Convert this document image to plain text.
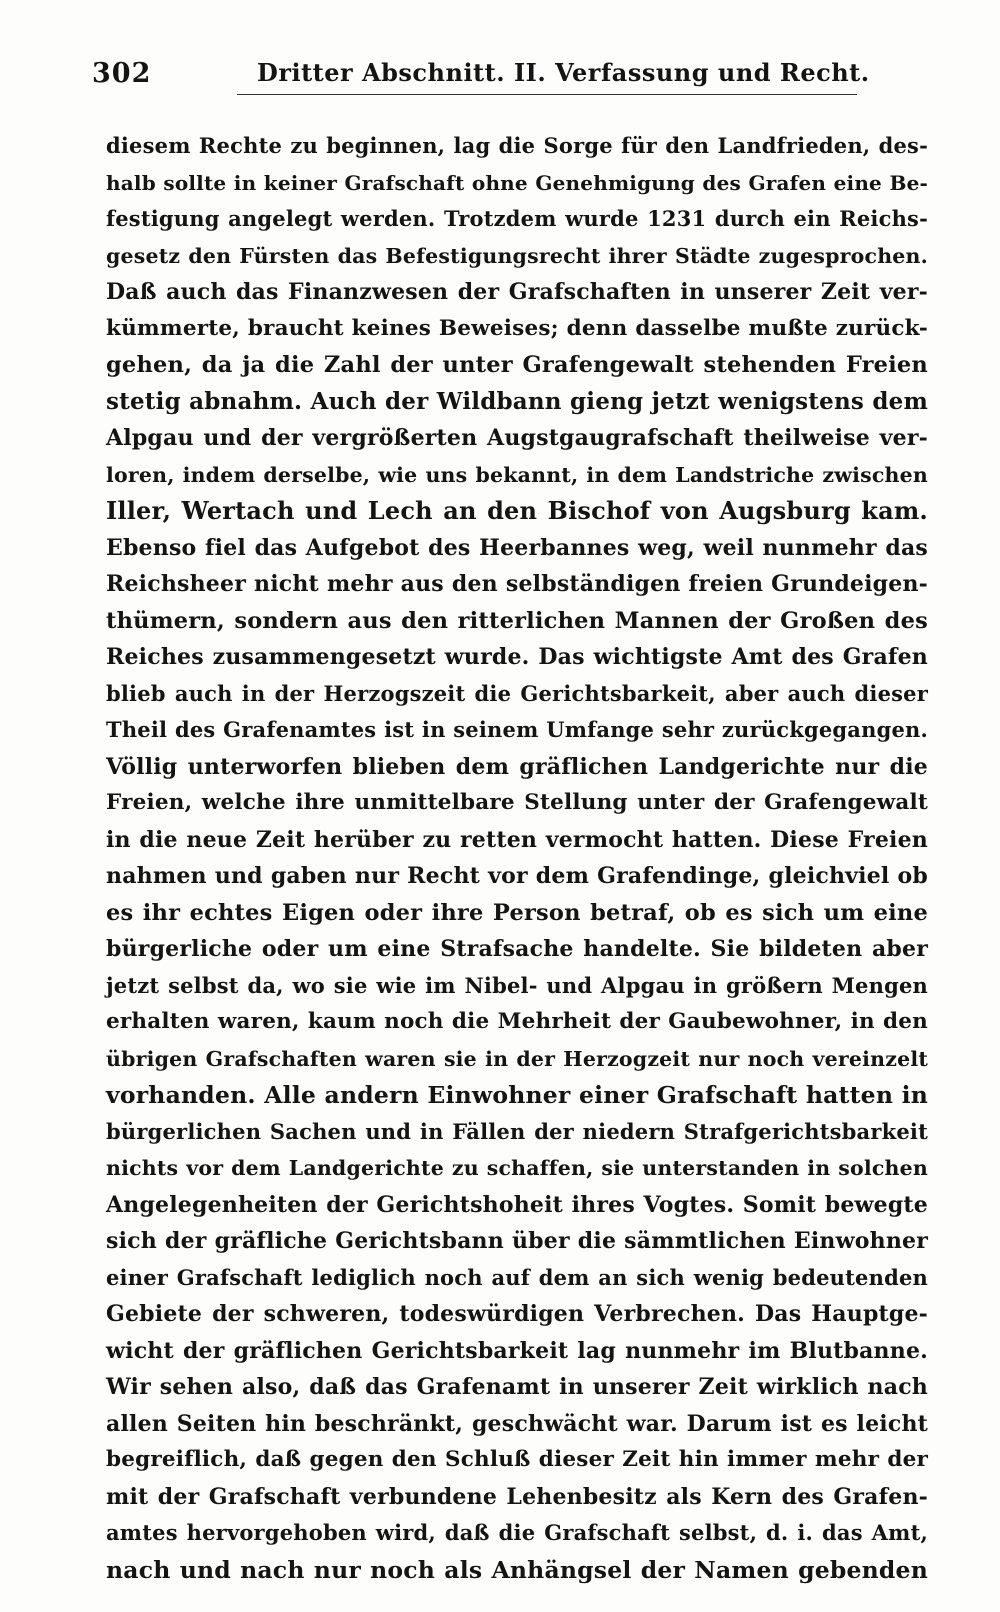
302	Dritter Abschnitt. II. Verfassung und Recht.
diesem Rechte zu beginnen, lag die Sorge für den Landfrieden, des-
halb sollte in keiner Grafschaft ohne Genehmigung des Grafen eine Be-
festigung angelegt werden. Trotzdem wurde 1231 durch ein Reichs-
gesetz den Fürsten das Befestigungsrecht ihrer Städte zugesprochen.
Daß auch das Finanzwesen der Grafschaften in unserer Zeit ver-
kümmerte, braucht keines Beweises; denn dasselbe mußte zurück-
gehen, da ja die Zahl der unter Grafengewalt stehenden Freien
stetig abnahm. Auch der Wildbann gieng jetzt wenigstens dem
Alpgau und der vergrößerten Augstgaugrafschaft theilweise ver-
loren, indem derselbe, wie uns bekannt, in dem Landstriche zwischen
Iller, Wertach und Lech an den Bischof von Augsburg kam.
Ebenso fiel das Aufgebot des Heerbannes weg, weil nunmehr das
Reichsheer nicht mehr aus den selbständigen freien Grundeigen-
thümern, sondern aus den ritterlichen Mannen der Großen des
Reiches zusammengesetzt wurde. Das wichtigste Amt des Grafen
blieb auch in der Herzogszeit die Gerichtsbarkeit, aber auch dieser
Theil des Grafenamtes ist in seinem Umfange sehr zurückgegangen.
Völlig unterworfen blieben dem gräflichen Landgerichte nur die
Freien, welche ihre unmittelbare Stellung unter der Grafengewalt
in die neue Zeit herüber zu retten vermocht hatten. Diese Freien
nahmen und gaben nur Recht vor dem Grafendinge, gleichviel ob
es ihr echtes Eigen oder ihre Person betraf, ob es sich um eine
bürgerliche oder um eine Strafsache handelte. Sie bildeten aber
jetzt selbst da, wo sie wie im Nibel- und Alpgau in größern Mengen
erhalten waren, kaum noch die Mehrheit der Gaubewohner, in den
übrigen Grafschaften waren sie in der Herzogzeit nur noch vereinzelt
vorhanden. Alle andern Einwohner einer Grafschaft hatten in
bürgerlichen Sachen und in Fällen der niedern Strafgerichtsbarkeit
nichts vor dem Landgerichte zu schaffen, sie unterstanden in solchen
Angelegenheiten der Gerichtshoheit ihres Vogtes. Somit bewegte
sich der gräfliche Gerichtsbann über die sämmtlichen Einwohner
einer Grafschaft lediglich noch auf dem an sich wenig bedeutenden
Gebiete der schweren, todeswürdigen Verbrechen. Das Hauptge-
wicht der gräflichen Gerichtsbarkeit lag nunmehr im Blutbanne.
Wir sehen also, daß das Grafenamt in unserer Zeit wirklich nach
allen Seiten hin beschränkt, geschwächt war. Darum ist es leicht
begreiflich, daß gegen den Schluß dieser Zeit hin immer mehr der
mit der Grafschaft verbundene Lehenbesitz als Kern des Grafen-
amtes hervorgehoben wird, daß die Grafschaft selbst, d. i. das Amt,
nach und nach nur noch als Anhängsel der Namen gebenden
